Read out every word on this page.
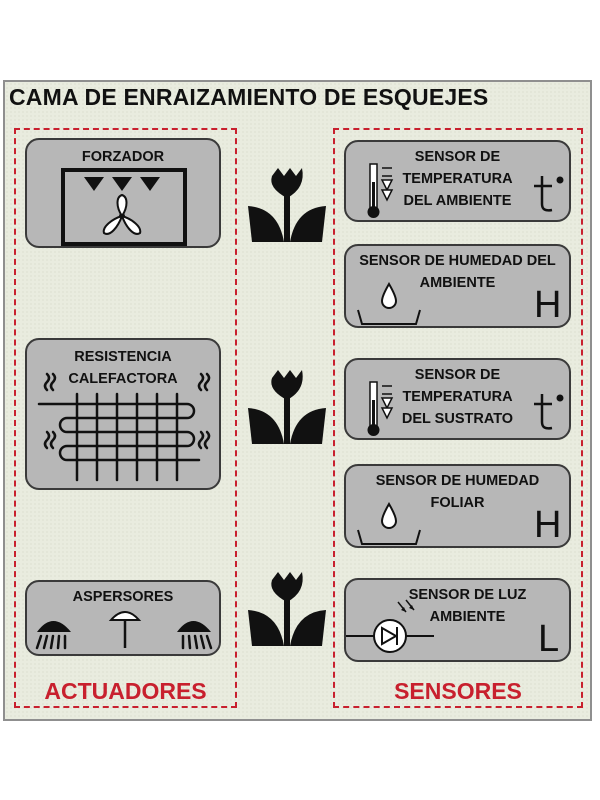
CAMA DE ENRAIZAMIENTO DE ESQUEJES
ACTUADORES	SENSORES
FORZADOR
RESISTENCIA
CALEFACTORA
ASPERSORES
SENSOR DE
TEMPERATURA
DEL AMBIENTE
SENSOR DE HUMEDAD DEL
AMBIENTE
H
SENSOR DE
TEMPERATURA
DEL SUSTRATO
SENSOR DE HUMEDAD
FOLIAR
H
SENSOR DE LUZ
AMBIENTE
L
